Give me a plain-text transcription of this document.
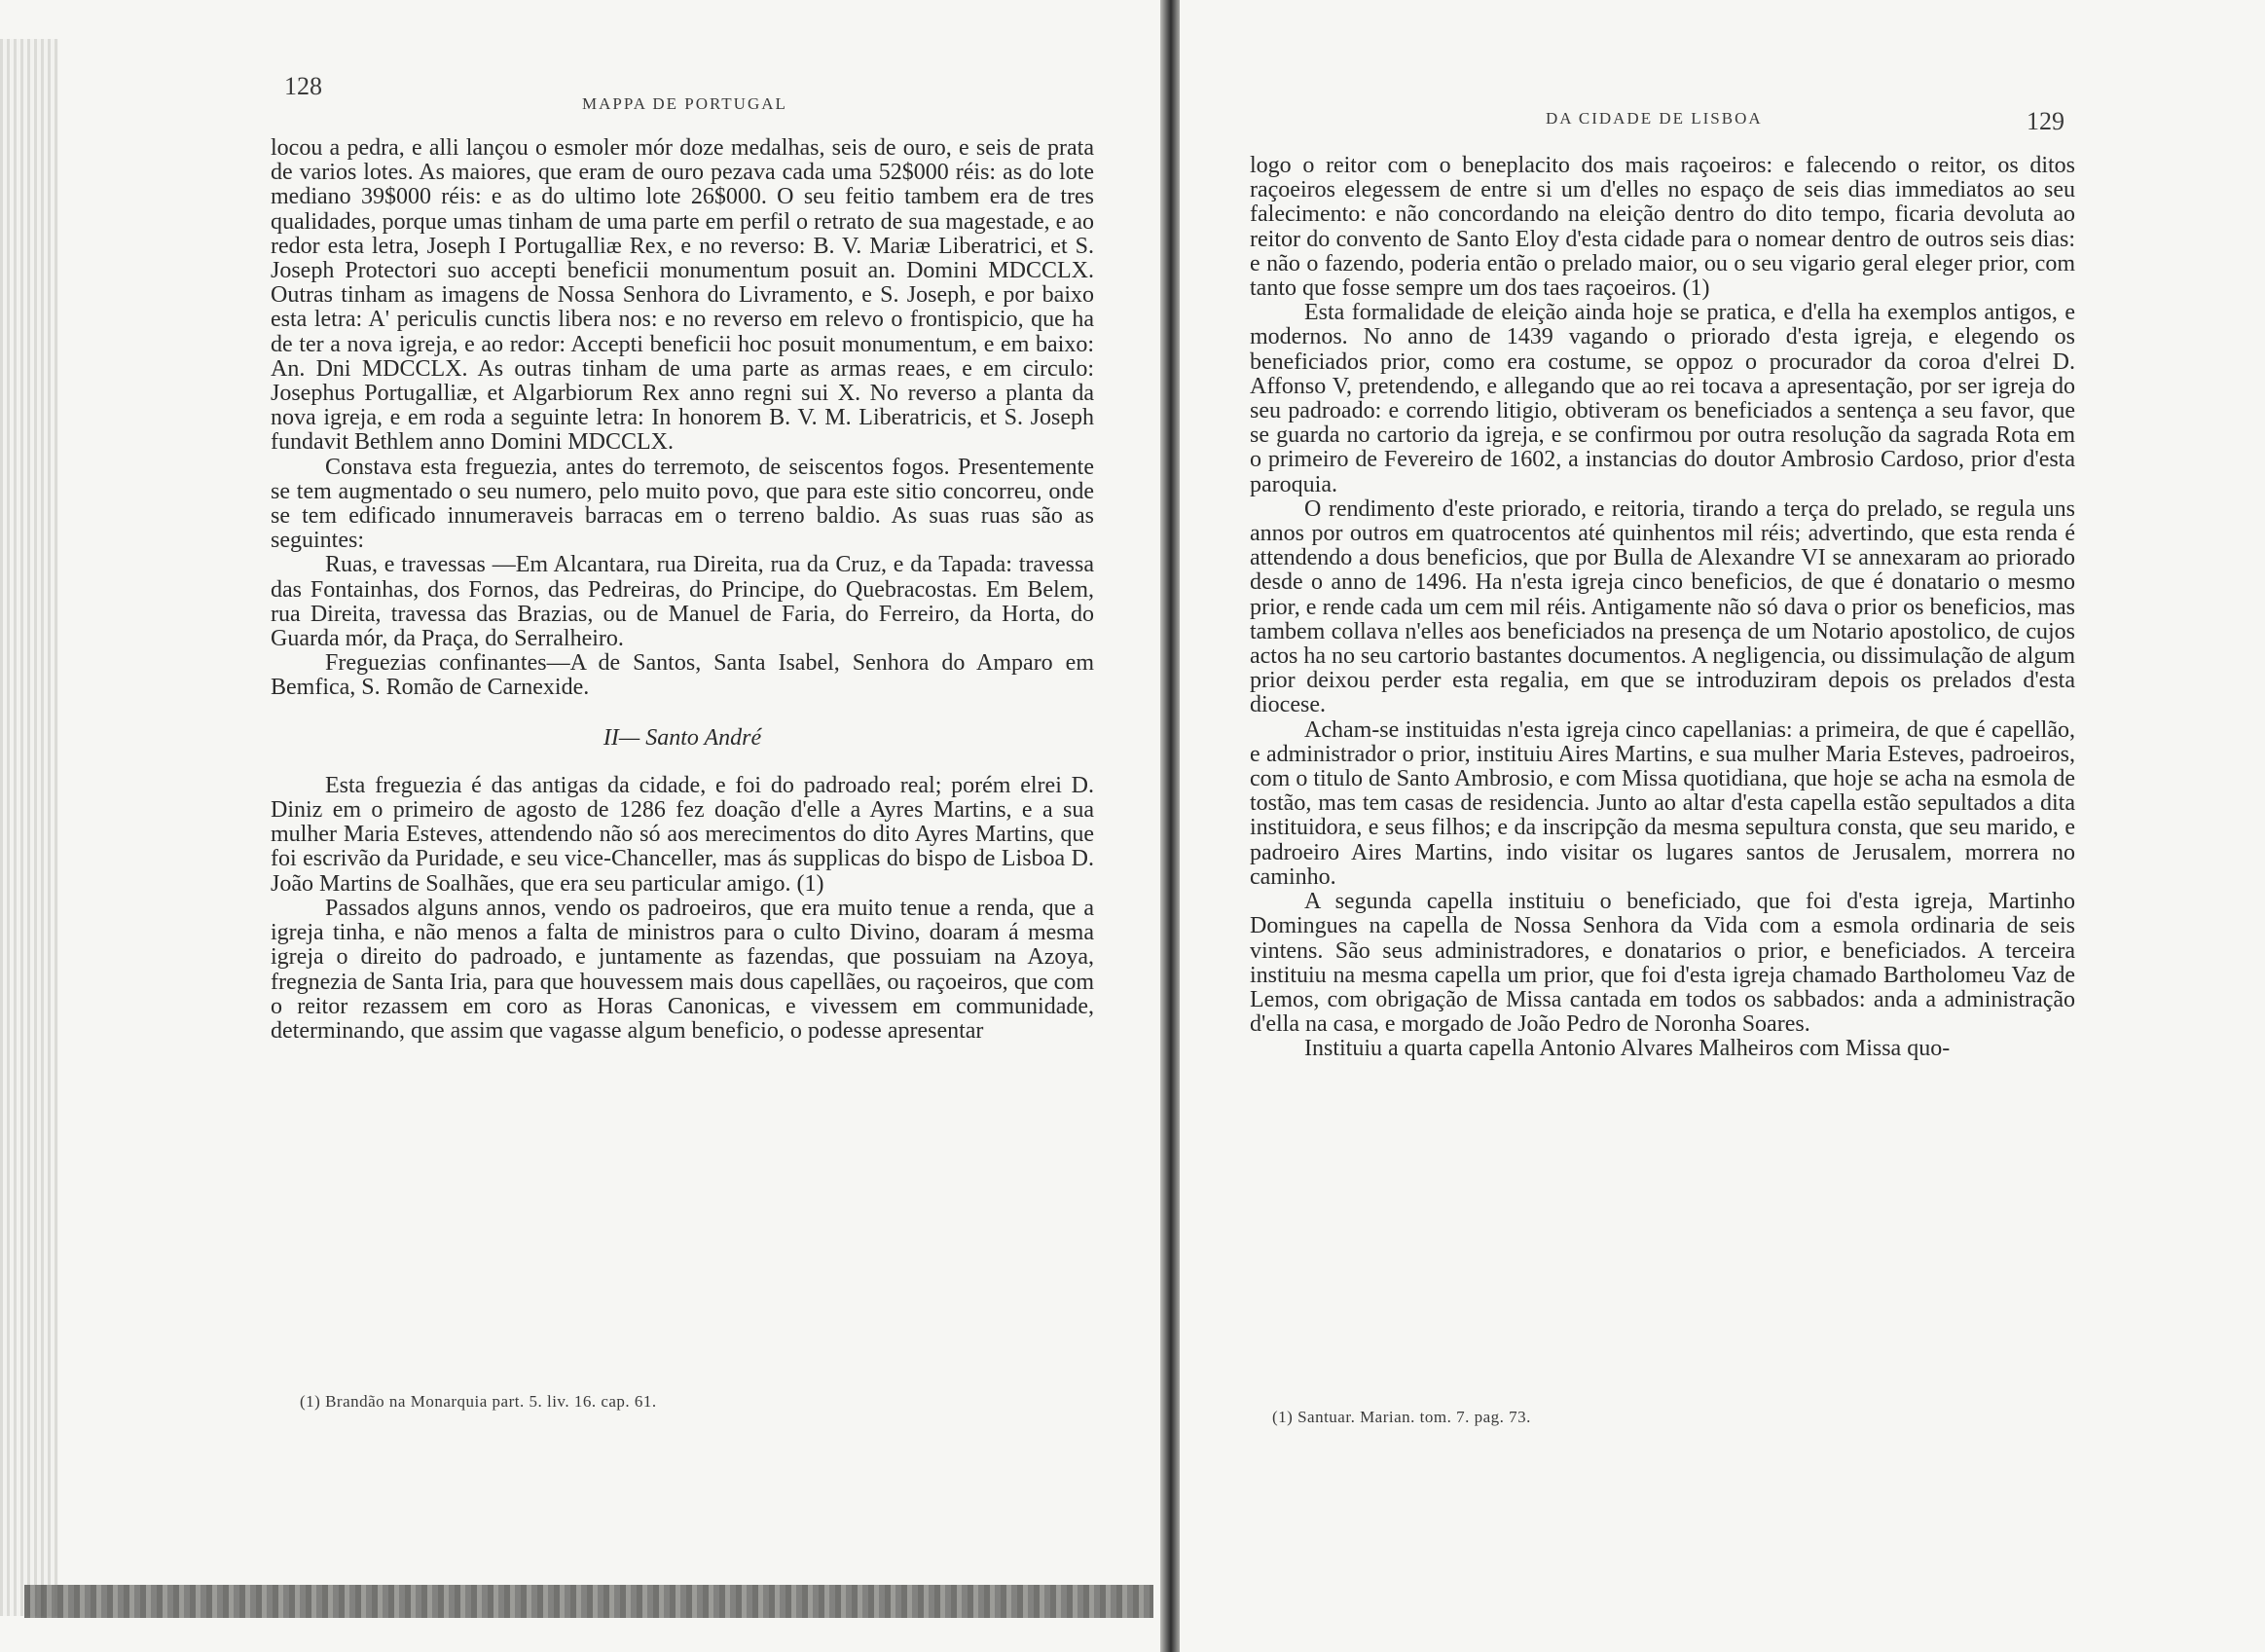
128
MAPPA DE PORTUGAL

locou a pedra, e alli lançou o esmoler mór doze medalhas, seis de ouro, e seis de prata de varios lotes. As maiores, que eram de ouro pezava cada uma 52$000 réis: as do lote mediano 39$000 réis: e as do ultimo lote 26$000. O seu feitio tambem era de tres qualidades, porque umas tinham de uma parte em perfil o retrato de sua magestade, e ao redor esta letra, Joseph I Portugalliæ Rex, e no reverso: B. V. Mariæ Liberatrici, et S. Joseph Protectori suo accepti beneficii monumentum posuit an. Domini MDCCLX. Outras tinham as imagens de Nossa Senhora do Livramento, e S. Joseph, e por baixo esta letra: A' periculis cunctis libera nos: e no reverso em relevo o frontispicio, que ha de ter a nova igreja, e ao redor: Accepti beneficii hoc posuit monumentum, e em baixo: An. Dni MDCCLX. As outras tinham de uma parte as armas reaes, e em circulo: Josephus Portugalliæ, et Algarbiorum Rex anno regni sui X. No reverso a planta da nova igreja, e em roda a seguinte letra: In honorem B. V. M. Liberatricis, et S. Joseph fundavit Bethlem anno Domini MDCCLX.

Constava esta freguezia, antes do terremoto, de seiscentos fogos. Presentemente se tem augmentado o seu numero, pelo muito povo, que para este sitio concorreu, onde se tem edificado innumeraveis barracas em o terreno baldio. As suas ruas são as seguintes:

Ruas, e travessas —Em Alcantara, rua Direita, rua da Cruz, e da Tapada: travessa das Fontainhas, dos Fornos, das Pedreiras, do Principe, do Quebracostas. Em Belem, rua Direita, travessa das Brazias, ou de Manuel de Faria, do Ferreiro, da Horta, do Guarda mór, da Praça, do Serralheiro.

Freguezias confinantes—A de Santos, Santa Isabel, Senhora do Amparo em Bemfica, S. Romão de Carnexide.

II— Santo André

Esta freguezia é das antigas da cidade, e foi do padroado real; porém elrei D. Diniz em o primeiro de agosto de 1286 fez doação d'elle a Ayres Martins, e a sua mulher Maria Esteves, attendendo não só aos merecimentos do dito Ayres Martins, que foi escrivão da Puridade, e seu vice-Chanceller, mas ás supplicas do bispo de Lisboa D. João Martins de Soalhães, que era seu particular amigo. (1)

Passados alguns annos, vendo os padroeiros, que era muito tenue a renda, que a igreja tinha, e não menos a falta de ministros para o culto Divino, doaram á mesma igreja o direito do padroado, e juntamente as fazendas, que possuiam na Azoya, fregnezia de Santa Iria, para que houvessem mais dous capellães, ou raçoeiros, que com o reitor rezassem em coro as Horas Canonicas, e vivessem em communidade, determinando, que assim que vagasse algum beneficio, o podesse apresentar

(1) Brandão na Monarquia part. 5. liv. 16. cap. 61.
DA CIDADE DE LISBOA	129

logo o reitor com o beneplacito dos mais raçoeiros: e falecendo o reitor, os ditos raçoeiros elegessem de entre si um d'elles no espaço de seis dias immediatos ao seu falecimento: e não concordando na eleição dentro do dito tempo, ficaria devoluta ao reitor do convento de Santo Eloy d'esta cidade para o nomear dentro de outros seis dias: e não o fazendo, poderia então o prelado maior, ou o seu vigario geral eleger prior, com tanto que fosse sempre um dos taes raçoeiros. (1)

Esta formalidade de eleição ainda hoje se pratica, e d'ella ha exemplos antigos, e modernos. No anno de 1439 vagando o priorado d'esta igreja, e elegendo os beneficiados prior, como era costume, se oppoz o procurador da coroa d'elrei D. Affonso V, pretendendo, e allegando que ao rei tocava a apresentação, por ser igreja do seu padroado: e correndo litigio, obtiveram os beneficiados a sentença a seu favor, que se guarda no cartorio da igreja, e se confirmou por outra resolução da sagrada Rota em o primeiro de Fevereiro de 1602, a instancias do doutor Ambrosio Cardoso, prior d'esta paroquia.

O rendimento d'este priorado, e reitoria, tirando a terça do prelado, se regula uns annos por outros em quatrocentos até quinhentos mil réis; advertindo, que esta renda é attendendo a dous beneficios, que por Bulla de Alexandre VI se annexaram ao priorado desde o anno de 1496. Ha n'esta igreja cinco beneficios, de que é donatario o mesmo prior, e rende cada um cem mil réis. Antigamente não só dava o prior os beneficios, mas tambem collava n'elles aos beneficiados na presença de um Notario apostolico, de cujos actos ha no seu cartorio bastantes documentos. A negligencia, ou dissimulação de algum prior deixou perder esta regalia, em que se introduziram depois os prelados d'esta diocese.

Acham-se instituidas n'esta igreja cinco capellanias: a primeira, de que é capellão, e administrador o prior, instituiu Aires Martins, e sua mulher Maria Esteves, padroeiros, com o titulo de Santo Ambrosio, e com Missa quotidiana, que hoje se acha na esmola de tostão, mas tem casas de residencia. Junto ao altar d'esta capella estão sepultados a dita instituidora, e seus filhos; e da inscripção da mesma sepultura consta, que seu marido, e padroeiro Aires Martins, indo visitar os lugares santos de Jerusalem, morrera no caminho.

A segunda capella instituiu o beneficiado, que foi d'esta igreja, Martinho Domingues na capella de Nossa Senhora da Vida com a esmola ordinaria de seis vintens. São seus administradores, e donatarios o prior, e beneficiados. A terceira instituiu na mesma capella um prior, que foi d'esta igreja chamado Bartholomeu Vaz de Lemos, com obrigação de Missa cantada em todos os sabbados: anda a administração d'ella na casa, e morgado de João Pedro de Noronha Soares.

Instituiu a quarta capella Antonio Alvares Malheiros com Missa quo-

(1) Santuar. Marian. tom. 7. pag. 73.
